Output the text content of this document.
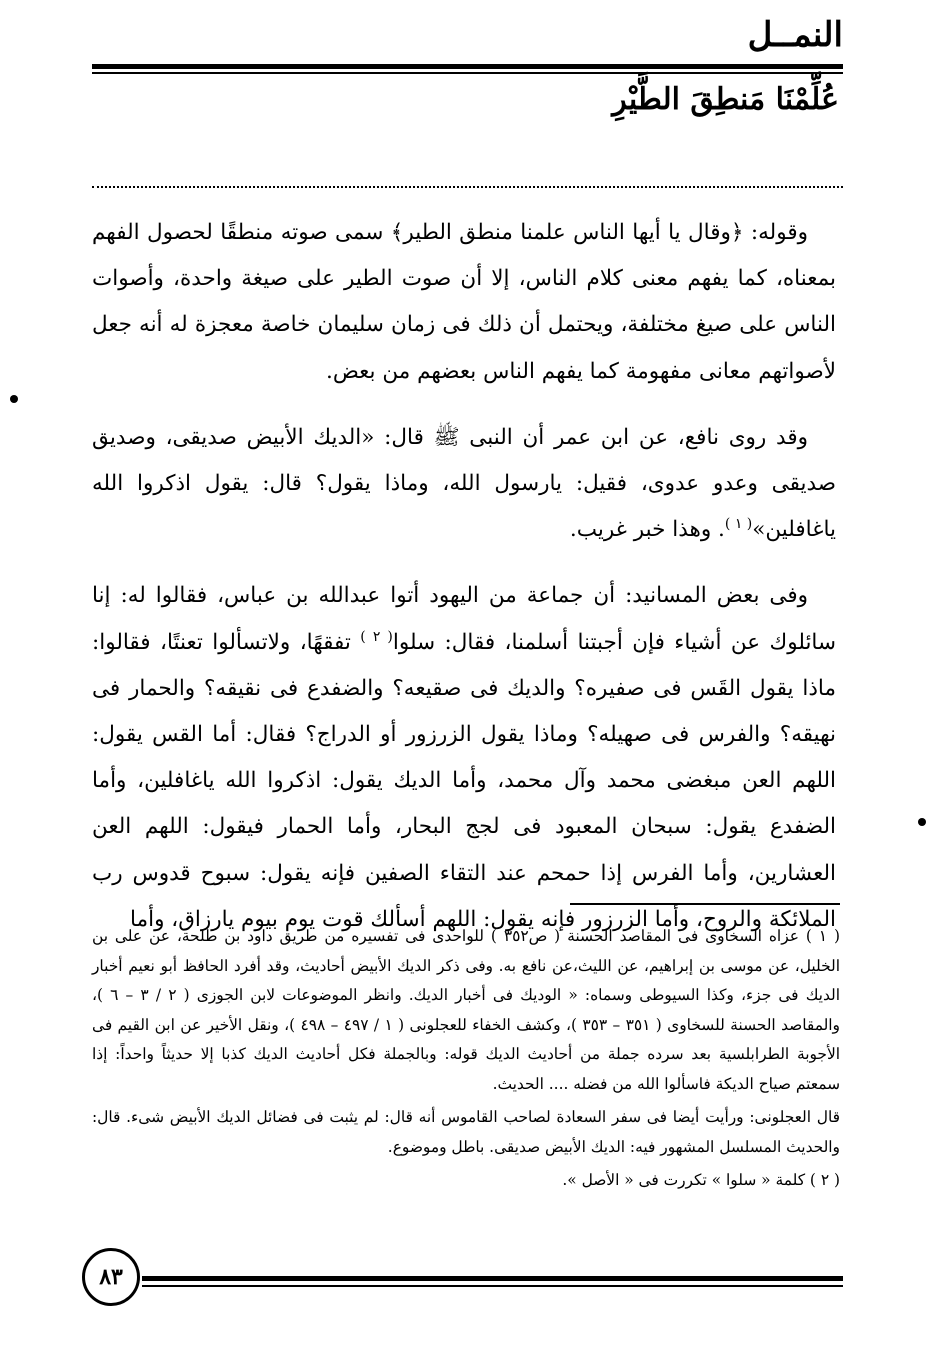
النمــل
عُلِّمْنَا مَنطِقَ الطَّيْرِ

وقوله: ﴿وقال يا أيها الناس علمنا منطق الطير﴾ سمى صوته منطقًا لحصول الفهم بمعناه، كما يفهم معنى كلام الناس، إلا أن صوت الطير على صيغة واحدة، وأصوات الناس على صيغ مختلفة، ويحتمل أن ذلك فى زمان سليمان خاصة معجزة له أنه جعل لأصواتهم معانى مفهومة كما يفهم الناس بعضهم من بعض.

وقد روى نافع، عن ابن عمر أن النبى ﷺ قال: «الديك الأبيض صديقى، وصديق صديقى وعدو عدوى، فقيل: يارسول الله، وماذا يقول؟ قال: يقول اذكروا الله ياغافلين»$^{( ١ )}$. وهذا خبر غريب.

وفى بعض المسانيد: أن جماعة من اليهود أتوا عبدالله بن عباس، فقالوا له: إنا سائلوك عن أشياء فإن أجبتنا أسلمنا، فقال: سلوا$^{( ٢ )}$ تفقهًا، ولاتسألوا تعنتًا، فقالوا: ماذا يقول القَس فى صفيره؟ والديك فى صقيعه؟ والضفدع فى نقيقه؟ والحمار فى نهيقه؟ والفرس فى صهيله؟ وماذا يقول الزرزور أو الدراج؟ فقال: أما القس يقول: اللهم العن مبغضى محمد وآل محمد، وأما الديك يقول: اذكروا الله ياغافلين، وأما الضفدع يقول: سبحان المعبود فى لجج البحار، وأما الحمار فيقول: اللهم العن العشارين، وأما الفرس إذا حمحم عند التقاء الصفين فإنه يقول: سبوح قدوس رب الملائكة والروح، وأما الزرزور فإنه يقول: اللهم أسألك قوت يوم بيوم يارزاق، وأما

( ١ ) عزاه السخاوى فى المقاصد الحسنة ( ص٣٥٢ ) للواحدى فى تفسيره من طريق داود بن طلحة، عن على بن الخليل، عن موسى بن إبراهيم، عن الليث،عن نافع به. وفى ذكر الديك الأبيض أحاديث، وقد أفرد الحافظ أبو نعيم أخبار الديك فى جزء، وكذا السيوطى وسماه: « الوديك فى أخبار الديك. وانظر الموضوعات لابن الجوزى ( ٢ / ٣ – ٦ )، والمقاصد الحسنة للسخاوى ( ٣٥١ – ٣٥٣ )، وكشف الخفاء للعجلونى ( ١ / ٤٩٧ – ٤٩٨ )، ونقل الأخير عن ابن القيم فى الأجوبة الطرابلسية بعد سرده جملة من أحاديث الديك قوله: وبالجملة فكل أحاديث الديك كذبا إلا حديثاً واحداً: إذا سمعتم صياح الديكة فاسألوا الله من فضله .... الحديث.

قال العجلونى: ورأيت أيضا فى سفر السعادة لصاحب القاموس أنه قال: لم يثبت فى فضائل الديك الأبيض شىء. قال: والحديث المسلسل المشهور فيه: الديك الأبيض صديقى. باطل وموضوع.

( ٢ ) كلمة « سلوا » تكررت فى « الأصل ».

٨٣
